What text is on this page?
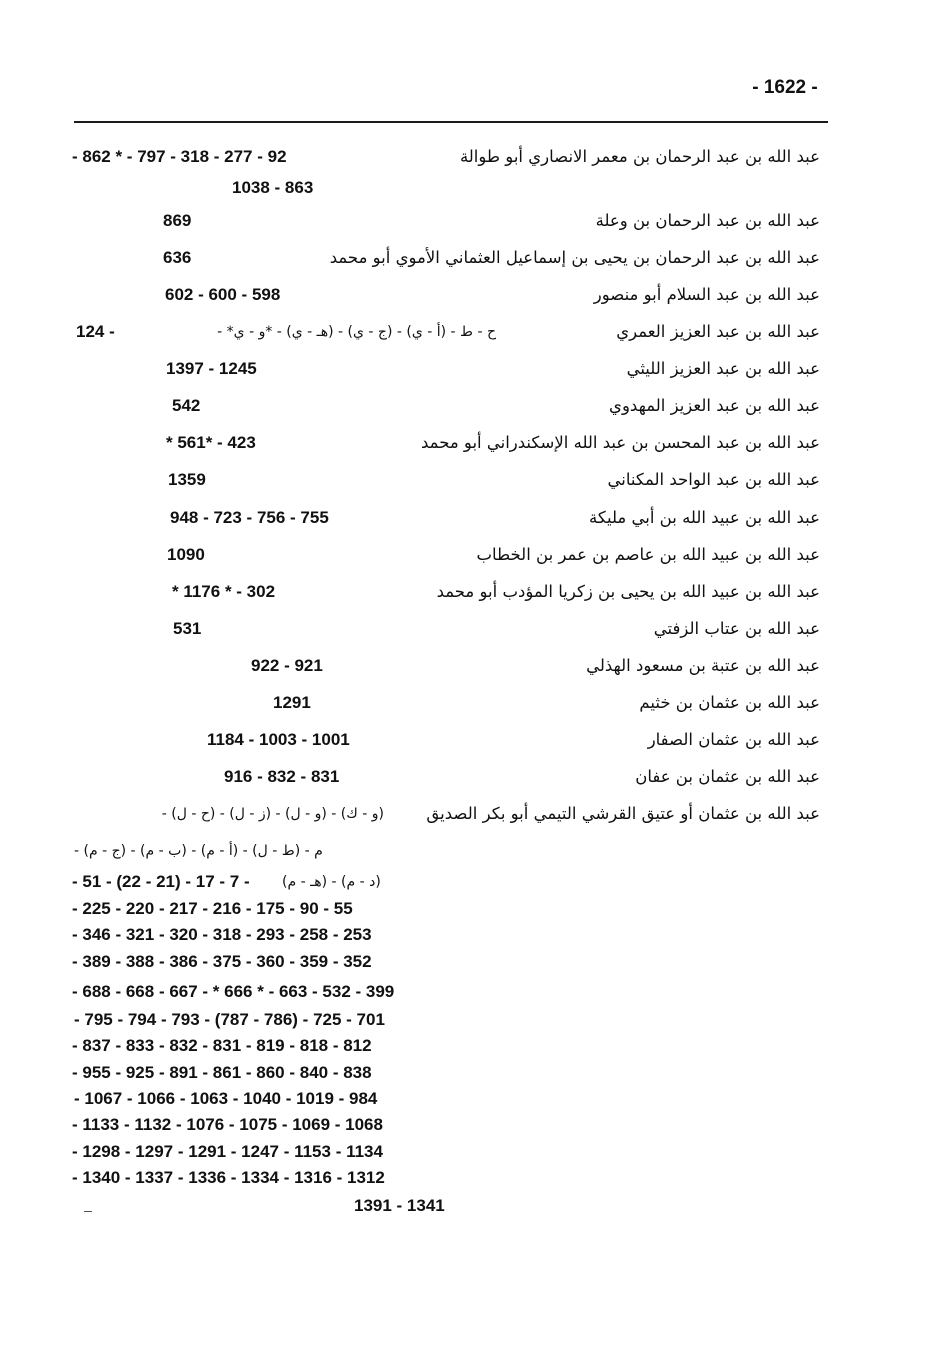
- 1622 -
عبد الله بن عبد الرحمان بن معمر الانصاري أبو طوالة
- 862 * - 797 - 318 - 277 - 92
1038 - 863
عبد الله بن عبد الرحمان بن وعلة
869
عبد الله بن عبد الرحمان بن يحيى بن إسماعيل العثماني الأموي أبو محمد
636
عبد الله بن عبد السلام أبو منصور
602 - 600 - 598
عبد الله بن عبد العزيز العمري
ح - ط - (أ - ي) - (ج - ي) - (هـ - ي) - *و - ي* -
124 -
عبد الله بن عبد العزيز الليثي
1397 - 1245
عبد الله بن عبد العزيز المهدوي
542
عبد الله بن عبد المحسن بن عبد الله الإسكندراني أبو محمد
* 561* - 423
عبد الله بن عبد الواحد المكناني
1359
عبد الله بن عبيد الله بن أبي مليكة
948 - 723 - 756 - 755
عبد الله بن عبيد الله بن عاصم بن عمر بن الخطاب
1090
عبد الله بن عبيد الله بن يحيى بن زكريا المؤدب أبو محمد
* 1176 * - 302
عبد الله بن عتاب الزفتي
531
عبد الله بن عتبة بن مسعود الهذلي
922 - 921
عبد الله بن عثمان بن خثيم
1291
عبد الله بن عثمان الصفار
1184 - 1003 - 1001
عبد الله بن عثمان بن عفان
916 - 832 - 831
عبد الله بن عثمان أو عتيق القرشي التيمي أبو بكر الصديق
(و - ك) - (و - ل) - (ز - ل) - (ح - ل) -
- (ج - م) - (ب - م) - (أ - م) - م - (ط - ل)
- 51 - (22 - 21) - 17 - 7 - (هـ - م) - (د - م)
- 225 - 220 - 217 - 216 - 175 - 90 - 55
- 346 - 321 - 320 - 318 - 293 - 258 - 253
- 389 - 388 - 386 - 375 - 360 - 359 - 352
- 688 - 668 - 667 - * 666 * - 663 - 532 - 399
- 795 - 794 - 793 - (787 - 786) - 725 - 701
- 837 - 833 - 832 - 831 - 819 - 818 - 812
- 955 - 925 - 891 - 861 - 860 - 840 - 838
- 1067 - 1066 - 1063 - 1040 - 1019 - 984
- 1133 - 1132 - 1076 - 1075 - 1069 - 1068
- 1298 - 1297 - 1291 - 1247 - 1153 - 1134
- 1340 - 1337 - 1336 - 1334 - 1316 - 1312
1391 - 1341
